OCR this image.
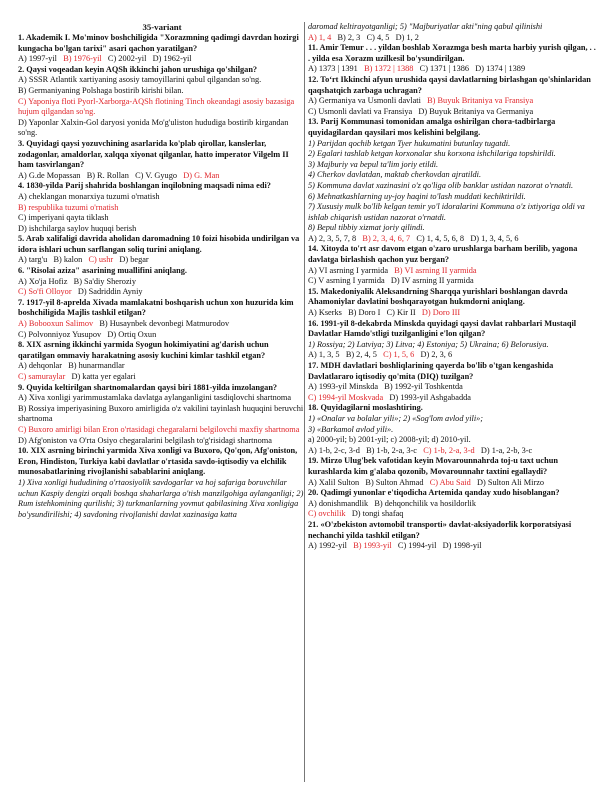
35-variant
1. Akademik I. Mo'minov boshchiligida "Xorazmning qadimgi davrdan hozirgi kungacha bo'lgan tarixi" asari qachon yaratilgan?
A) 1997-yil B) 1976-yil C) 2002-yil D) 1962-yil
2. Qaysi voqeadan keyin AQSh ikkinchi jahon urushiga qo'shilgan?
A) SSSR Atlantik xartiyaning asosiy tamoyillarini qabul qilgandan so'ng.
B) Germaniyaning Polshaga bostirib kirishi bilan.
C) Yaponiya floti Pyorl-Xarborga-AQSh flotining Tinch okeandagi asosiy bazasiga hujum qilgandan so'ng.
D) Yaponlar Xalxin-Gol daryosi yonida Mo'g'uliston hududiga bostirib kirgandan so'ng.
3. Quyidagi qaysi yozuvchining asarlarida ko'plab qirollar, kanslerlar, zodagonlar, amaldorlar, xalqqa xiyonat qilganlar, hatto imperator Vilgelm II ham tasvirlangan?
A) G.de Mopassan B) R. Rollan C) V. Gyugo D) G. Man
4. 1830-yilda Parij shahrida boshlangan inqilobning maqsadi nima edi?
A) cheklangan monarxiya tuzumi o'rnatish
B) respublika tuzumi o'rnatish
C) imperiyani qayta tiklash
D) ishchilarga saylov huquqi berish
5. Arab xalifaligi davrida aholidan daromadning 10 foizi hisobida undirilgan va idora ishlari uchun sarflangan soliq turini aniqlang.
A) targ'u B) kalon C) ushr D) begar
6. "Risolai aziza" asarining muallifini aniqlang.
A) Xo'ja Hofiz B) Sa'diy Sheroziy
C) So'fi Olloyor D) Sadriddin Ayniy
7. 1917-yil 8-aprelda Xivada mamlakatni boshqarish uchun xon huzurida kim boshchiligida Majlis tashkil etilgan?
A) Bobooxun Salimov B) Husaynbek devonbegi Matmurodov
C) Polvonniyoz Yusupov D) Ortiq Oxun
8. XIX asrning ikkinchi yarmida Syogun hokimiyatini ag'darish uchun qaratilgan ommaviy harakatning asosiy kuchini kimlar tashkil etgan?
A) dehqonlar B) hunarmandlar
C) samuraylar D) katta yer egalari
9. Quyida keltirilgan shartnomalardan qaysi biri 1881-yilda imzolangan?
A) Xiva xonligi yarimmustamlaka davlatga aylanganligini tasdiqlovchi shartnoma
B) Rossiya imperiyasining Buxoro amirligida o'z vakilini tayinlash huquqini beruvchi shartnoma
C) Buxoro amirligi bilan Eron o'rtasidagi chegaralarni belgilovchi maxfiy shartnoma
D) Afg'oniston va O'rta Osiyo chegaralarini belgilash to'g'risidagi shartnoma
10. XIX asrning birinchi yarmida Xiva xonligi va Buxoro, Qo'qon, Afg'oniston, Eron, Hindiston, Turkiya kabi davlatlar o'rtasida savdo-iqtisodiy va elchilik munosabatlarining rivojlanishi sabablarini aniqlang.
1) Xiva xonligi hududining o'rtaosiyolik savdogarlar va hoj safariga boruvchilar uchun Kaspiy dengizi orqali boshqa shaharlarga o'tish manzilgohiga aylanganligi; 2) Rum istehkomining qurilishi; 3) turkmanlarning yovmut qabilasining Xiva xonligiga bo'ysundirilishi; 4) savdoning rivojlanishi davlat xazinasiga katta
daromad keltirayotganligi; 5) "Majburiyatlar akti"ning qabul qilinishi
A) 1, 4 B) 2, 3 C) 4, 5 D) 1, 2
11. Amir Temur . . . yildan boshlab Xorazmga besh marta harbiy yurish qilgan, . . . yilda esa Xorazm uzilkesil bo'ysundirilgan.
A) 1373 | 1391 B) 1372 | 1388 C) 1371 | 1386 D) 1374 | 1389
12. Toʻrt Ikkinchi afyun urushida qaysi davlatlarning birlashgan qo'shinlaridan qaqshatqich zarbaga uchragan?
A) Germaniya va Usmonli davlati B) Buyuk Britaniya va Fransiya
C) Usmonli davlati va Fransiya D) Buyuk Britaniya va Germaniya
13. Parij Kommunasi tomonidan amalga oshirilgan chora-tadbirlarga quyidagilardan qaysilari mos kelishini belgilang.
1) Parijdan qochib ketgan Tyer hukumatini butunlay tugatdi.
2) Egalari tashlab ketgan korxonalar shu korxona ishchilariga topshirildi.
3) Majburiy va bepul ta'lim joriy etildi.
4) Cherkov davlatdan, maktab cherkovdan ajratildi.
5) Kommuna davlat xazinasini o'z qo'liga olib banklar ustidan nazorat o'rnatdi.
6) Mehnatkashlarning uy-joy haqini to'lash muddati kechiktirildi.
7) Xususiy mulk bo'lib kelgan temir yo'l idoralarini Kommuna o'z ixtiyoriga oldi va ishlab chiqarish ustidan nazorat o'rnatdi.
8) Bepul tibbiy xizmat joriy qilindi.
A) 2, 3, 5, 7, 8 B) 2, 3, 4, 6, 7 C) 1, 4, 5, 6, 8 D) 1, 3, 4, 5, 6
14. Xitoyda to'rt asr davom etgan o'zaro urushlarga barham berilib, yagona davlatga birlashish qachon yuz bergan?
A) VI asrning I yarmida B) VI asrning II yarmida
C) V asrning I yarmida D) IV asrning II yarmida
15. Makedoniyalik Aleksandrning Sharqqa yurishlari boshlangan davrda Ahamoniylar davlatini boshqarayotgan hukmdorni aniqlang.
A) Kserks B) Doro I C) Kir II D) Doro III
16. 1991-yil 8-dekabrda Minskda quyidagi qaysi davlat rahbarlari Mustaqil Davlatlar Hamdo'stligi tuzilganligini e'lon qilgan?
1) Rossiya; 2) Latviya; 3) Litva; 4) Estoniya; 5) Ukraina; 6) Belorusiya.
A) 1, 3, 5 B) 2, 4, 5 C) 1, 5, 6 D) 2, 3, 6
17. MDH davlatlari boshliqlarining qayerda bo'lib o'tgan kengashida Davlatlararo iqtisodiy qo'mita (DIQ) tuzilgan?
A) 1993-yil Minskda B) 1992-yil Toshkentda
C) 1994-yil Moskvada D) 1993-yil Ashgabadda
18. Quyidagilarni moslashtiring.
1) «Onalar va bolalar yili»; 2) «Sog'lom avlod yili»;
3) «Barkamol avlod yili».
a) 2000-yil; b) 2001-yil; c) 2008-yil; d) 2010-yil.
A) 1-b, 2-c, 3-d B) 1-b, 2-a, 3-c C) 1-b, 2-a, 3-d D) 1-a, 2-b, 3-c
19. Mirzo Ulug'bek vafotidan keyin Movarounnahrda toj-u taxt uchun kurashlarda kim g'alaba qozonib, Movarounnahr taxtini egallaydi?
A) Xalil Sulton B) Sulton Ahmad C) Abu Said D) Sulton Ali Mirzo
20. Qadimgi yunonlar e'tiqodicha Artemida qanday xudo hisoblangan?
A) donishmandlik B) dehqonchilik va hosildorlik
C) ovchilik D) tongi shafaq
21. «O'zbekiston avtomobil transporti» davlat-aksiyadorlik korporatsiyasi nechanchi yilda tashkil etilgan?
A) 1992-yil B) 1993-yil C) 1994-yil D) 1998-yil
